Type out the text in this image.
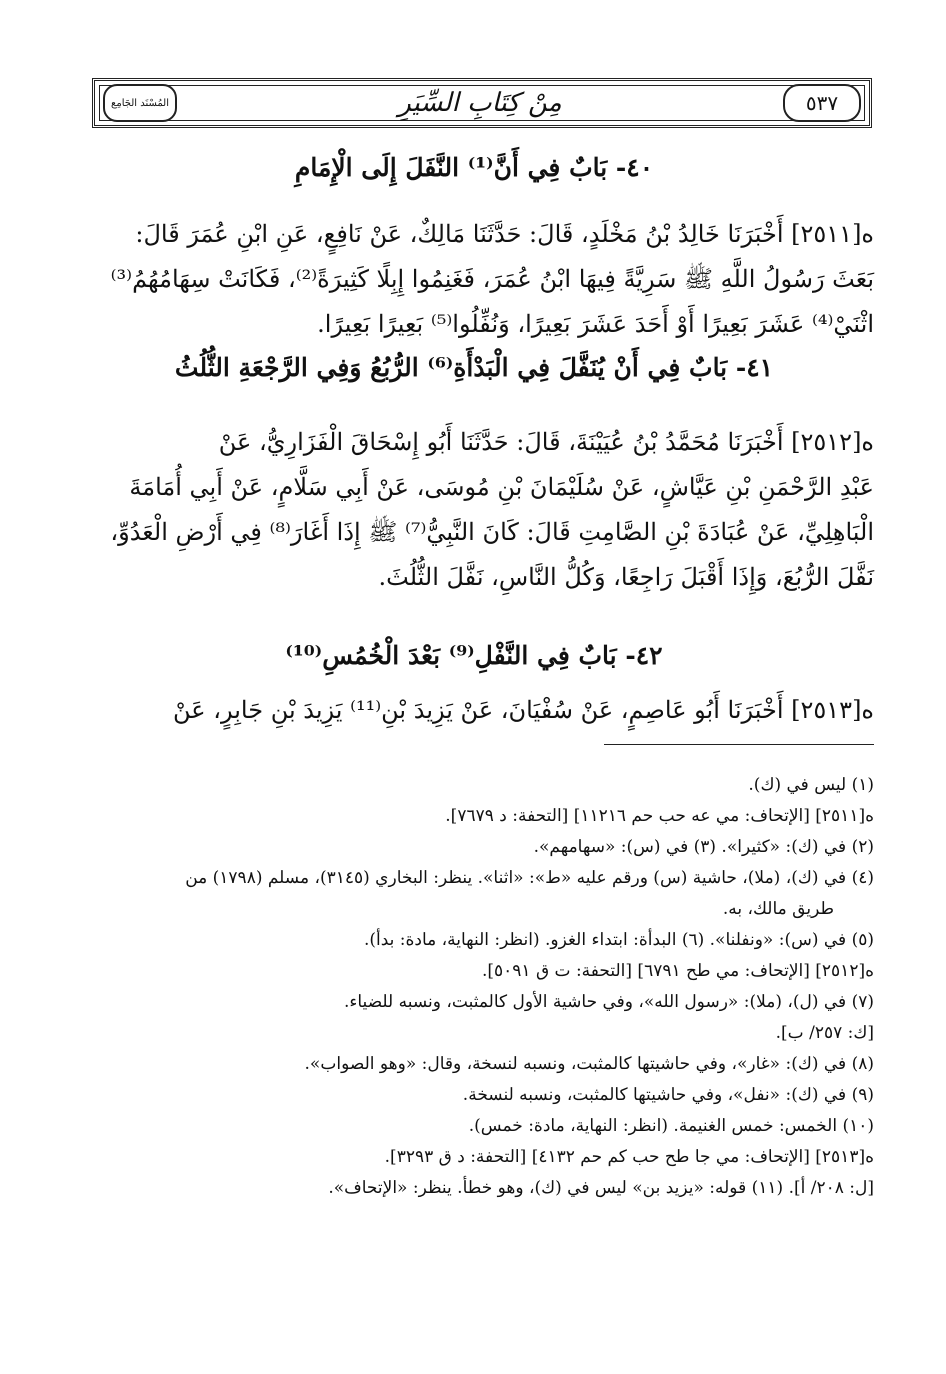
٥٣٧
مِنْ كِتَابِ السِّيَرِ
المُسْنَد الجَامِع
٤٠- بَابٌ فِي أَنَّ⁽¹⁾ النَّفَلَ إِلَى الْإِمَامِ
ه[٢٥١١] أَخْبَرَنَا خَالِدُ بْنُ مَخْلَدٍ، قَالَ: حَدَّثَنَا مَالِكٌ، عَنْ نَافِعٍ، عَنِ ابْنِ عُمَرَ قَالَ:
بَعَثَ رَسُولُ اللَّهِ ﷺ سَرِيَّةً فِيهَا ابْنُ عُمَرَ، فَغَنِمُوا إِبِلًا كَثِيرَةً⁽²⁾، فَكَانَتْ سِهَامُهُمُ⁽³⁾
اثْنَيْ⁽⁴⁾ عَشَرَ بَعِيرًا أَوْ أَحَدَ عَشَرَ بَعِيرًا، وَنُفِّلُوا⁽⁵⁾ بَعِيرًا بَعِيرًا.
٤١- بَابٌ فِي أَنْ يُنَفَّلَ فِي الْبَدْأَةِ⁽⁶⁾ الرُّبُعُ وَفِي الرَّجْعَةِ الثُّلُثُ
ه[٢٥١٢] أَخْبَرَنَا مُحَمَّدُ بْنُ عُيَيْنَةَ، قَالَ: حَدَّثَنَا أَبُو إِسْحَاقَ الْفَزَارِيُّ، عَنْ
عَبْدِ الرَّحْمَنِ بْنِ عَيَّاشٍ، عَنْ سُلَيْمَانَ بْنِ مُوسَى، عَنْ أَبِي سَلَّامٍ، عَنْ أَبِي أُمَامَةَ
الْبَاهِلِيِّ، عَنْ عُبَادَةَ بْنِ الصَّامِتِ قَالَ: كَانَ النَّبِيُّ⁽⁷⁾ ﷺ إِذَا أَغَارَ⁽⁸⁾ فِي أَرْضِ الْعَدُوِّ،
نَفَّلَ الرُّبُعَ، وَإِذَا أَقْبَلَ رَاجِعًا، وَكُلُّ النَّاسِ، نَفَّلَ الثُّلُثَ.
٤٢- بَابٌ فِي النَّفْلِ⁽⁹⁾ بَعْدَ الْخُمُسِ⁽¹⁰⁾
ه[٢٥١٣] أَخْبَرَنَا أَبُو عَاصِمٍ، عَنْ سُفْيَانَ، عَنْ يَزِيدَ بْنِ⁽¹¹⁾ يَزِيدَ بْنِ جَابِرٍ، عَنْ
(١) ليس في (ك).
ه[٢٥١١] [الإتحاف: مي عه حب حم ١١٢١٦] [التحفة: د ٧٦٧٩].
(٢) في (ك): «كثيرا». (٣) في (س): «سهامهم».
(٤) في (ك)، (ملا)، حاشية (س) ورقم عليه «ط»: «اثنا». ينظر: البخاري (٣١٤٥)، مسلم (١٧٩٨) من
طريق مالك، به.
(٥) في (س): «ونفلنا». (٦) البدأة: ابتداء الغزو. (انظر: النهاية، مادة: بدأ).
ه[٢٥١٢] [الإتحاف: مي طح ٦٧٩١] [التحفة: ت ق ٥٠٩١].
(٧) في (ل)، (ملا): «رسول الله»، وفي حاشية الأول كالمثبت، ونسبه للضياء.
[ك: ٢٥٧/ ب].
(٨) في (ك): «غار»، وفي حاشيتها كالمثبت، ونسبه لنسخة، وقال: «وهو الصواب».
(٩) في (ك): «نفل»، وفي حاشيتها كالمثبت، ونسبه لنسخة.
(١٠) الخمس: خمس الغنيمة. (انظر: النهاية، مادة: خمس).
ه[٢٥١٣] [الإتحاف: مي جا طح حب كم حم ٤١٣٢] [التحفة: د ق ٣٢٩٣].
[ل: ٢٠٨/ أ]. (١١) قوله: «يزيد بن» ليس في (ك)، وهو خطأ. ينظر: «الإتحاف».
